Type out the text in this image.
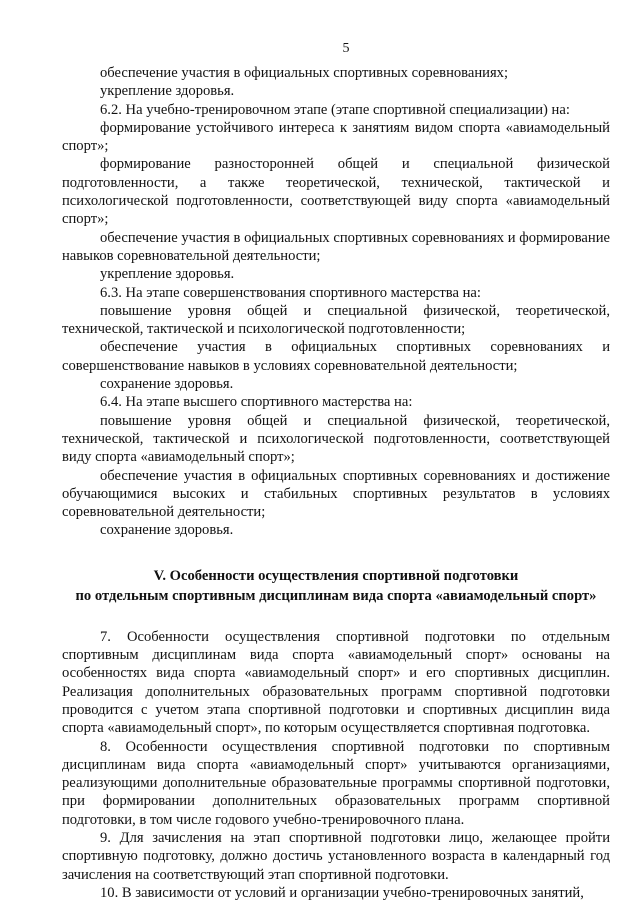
5

обеспечение участия в официальных спортивных соревнованиях;

укрепление здоровья.

6.2. На учебно-тренировочном этапе (этапе спортивной специализации) на:

формирование устойчивого интереса к занятиям видом спорта «авиамодельный спорт»;

формирование разносторонней общей и специальной физической подготовленности, а также теоретической, технической, тактической и психологической подготовленности, соответствующей виду спорта «авиамодельный спорт»;

обеспечение участия в официальных спортивных соревнованиях и формирование навыков соревновательной деятельности;

укрепление здоровья.

6.3. На этапе совершенствования спортивного мастерства на:

повышение уровня общей и специальной физической, теоретической, технической, тактической и психологической подготовленности;

обеспечение участия в официальных спортивных соревнованиях и совершенствование навыков в условиях соревновательной деятельности;

сохранение здоровья.

6.4. На этапе высшего спортивного мастерства на:

повышение уровня общей и специальной физической, теоретической, технической, тактической и психологической подготовленности, соответствующей виду спорта «авиамодельный спорт»;

обеспечение участия в официальных спортивных соревнованиях и достижение обучающимися высоких и стабильных спортивных результатов в условиях соревновательной деятельности;

сохранение здоровья.

V. Особенности осуществления спортивной подготовки
по отдельным спортивным дисциплинам вида спорта «авиамодельный спорт»

7. Особенности осуществления спортивной подготовки по отдельным спортивным дисциплинам вида спорта «авиамодельный спорт» основаны на особенностях вида спорта «авиамодельный спорт» и его спортивных дисциплин. Реализация дополнительных образовательных программ спортивной подготовки проводится с учетом этапа спортивной подготовки и спортивных дисциплин вида спорта «авиамодельный спорт», по которым осуществляется спортивная подготовка.

8. Особенности осуществления спортивной подготовки по спортивным дисциплинам вида спорта «авиамодельный спорт» учитываются организациями, реализующими дополнительные образовательные программы спортивной подготовки, при формировании дополнительных образовательных программ спортивной подготовки, в том числе годового учебно-тренировочного плана.

9. Для зачисления на этап спортивной подготовки лицо, желающее пройти спортивную подготовку, должно достичь установленного возраста в календарный год зачисления на соответствующий этап спортивной подготовки.

10. В зависимости от условий и организации учебно-тренировочных занятий,
